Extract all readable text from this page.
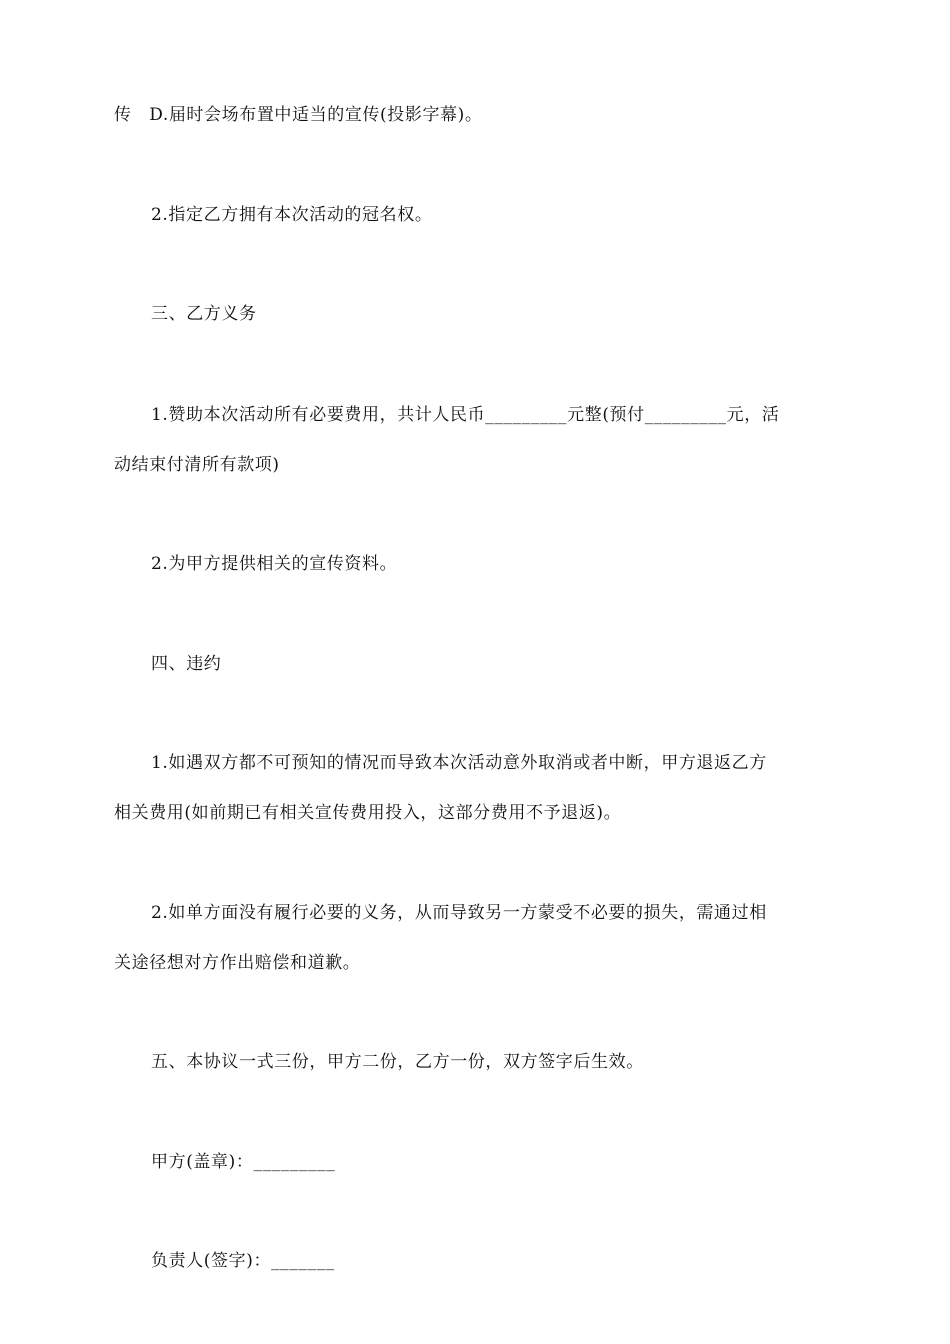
传　D.届时会场布置中适当的宣传(投影字幕)。
2.指定乙方拥有本次活动的冠名权。
三、乙方义务
1.赞助本次活动所有必要费用，共计人民币_________元整(预付_________元，活
动结束付清所有款项)
2.为甲方提供相关的宣传资料。
四、违约
1.如遇双方都不可预知的情况而导致本次活动意外取消或者中断，甲方退返乙方
相关费用(如前期已有相关宣传费用投入，这部分费用不予退返)。
2.如单方面没有履行必要的义务，从而导致另一方蒙受不必要的损失，需通过相
关途径想对方作出赔偿和道歉。
五、本协议一式三份，甲方二份，乙方一份，双方签字后生效。
甲方(盖章)：_________
负责人(签字)：_______
